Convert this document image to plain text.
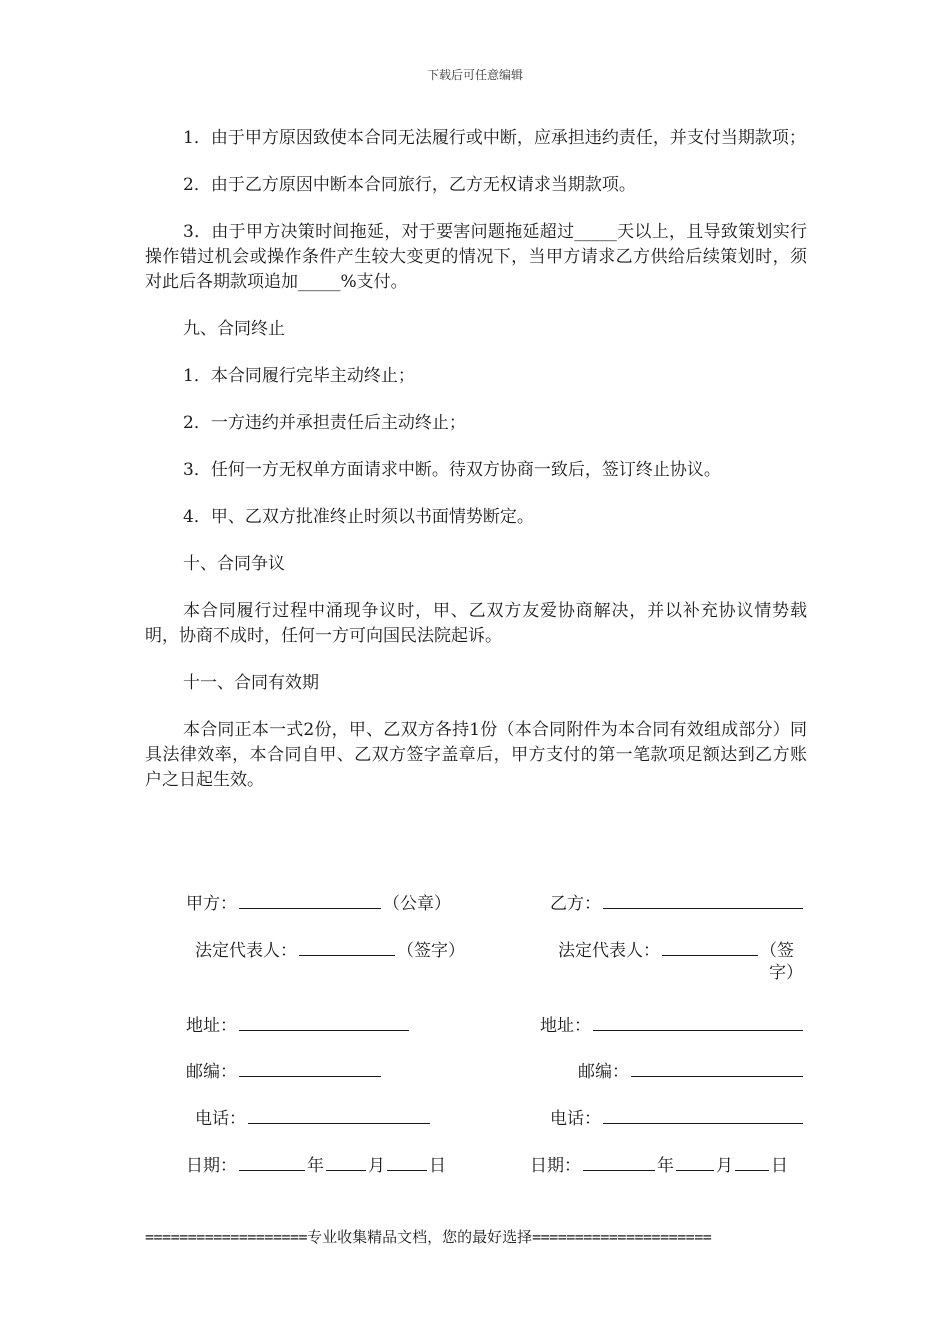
下载后可任意编辑

1．由于甲方原因致使本合同无法履行或中断，应承担违约责任，并支付当期款项；

2．由于乙方原因中断本合同旅行，乙方无权请求当期款项。

3．由于甲方决策时间拖延，对于要害问题拖延超过_____天以上，且导致策划实行操作错过机会或操作条件产生较大变更的情况下，当甲方请求乙方供给后续策划时，须对此后各期款项追加_____%支付。

九、合同终止

1．本合同履行完毕主动终止；

2．一方违约并承担责任后主动终止；

3．任何一方无权单方面请求中断。待双方协商一致后，签订终止协议。

4．甲、乙双方批准终止时须以书面情势断定。

十、合同争议

本合同履行过程中涌现争议时，甲、乙双方友爱协商解决，并以补充协议情势载明，协商不成时，任何一方可向国民法院起诉。

十一、合同有效期

本合同正本一式2份，甲、乙双方各持1份（本合同附件为本合同有效组成部分）同具法律效率，本合同自甲、乙双方签字盖章后，甲方支付的第一笔款项足额达到乙方账户之日起生效。

甲方：	（公章）	乙方：
法定代表人：	（签字）	法定代表人：	（签
字）
地址：	地址：
邮编：	邮编：
电话：	电话：
日期：	年	月	日	日期：	年 月 日
===================专业收集精品文档，您的最好选择=====================
